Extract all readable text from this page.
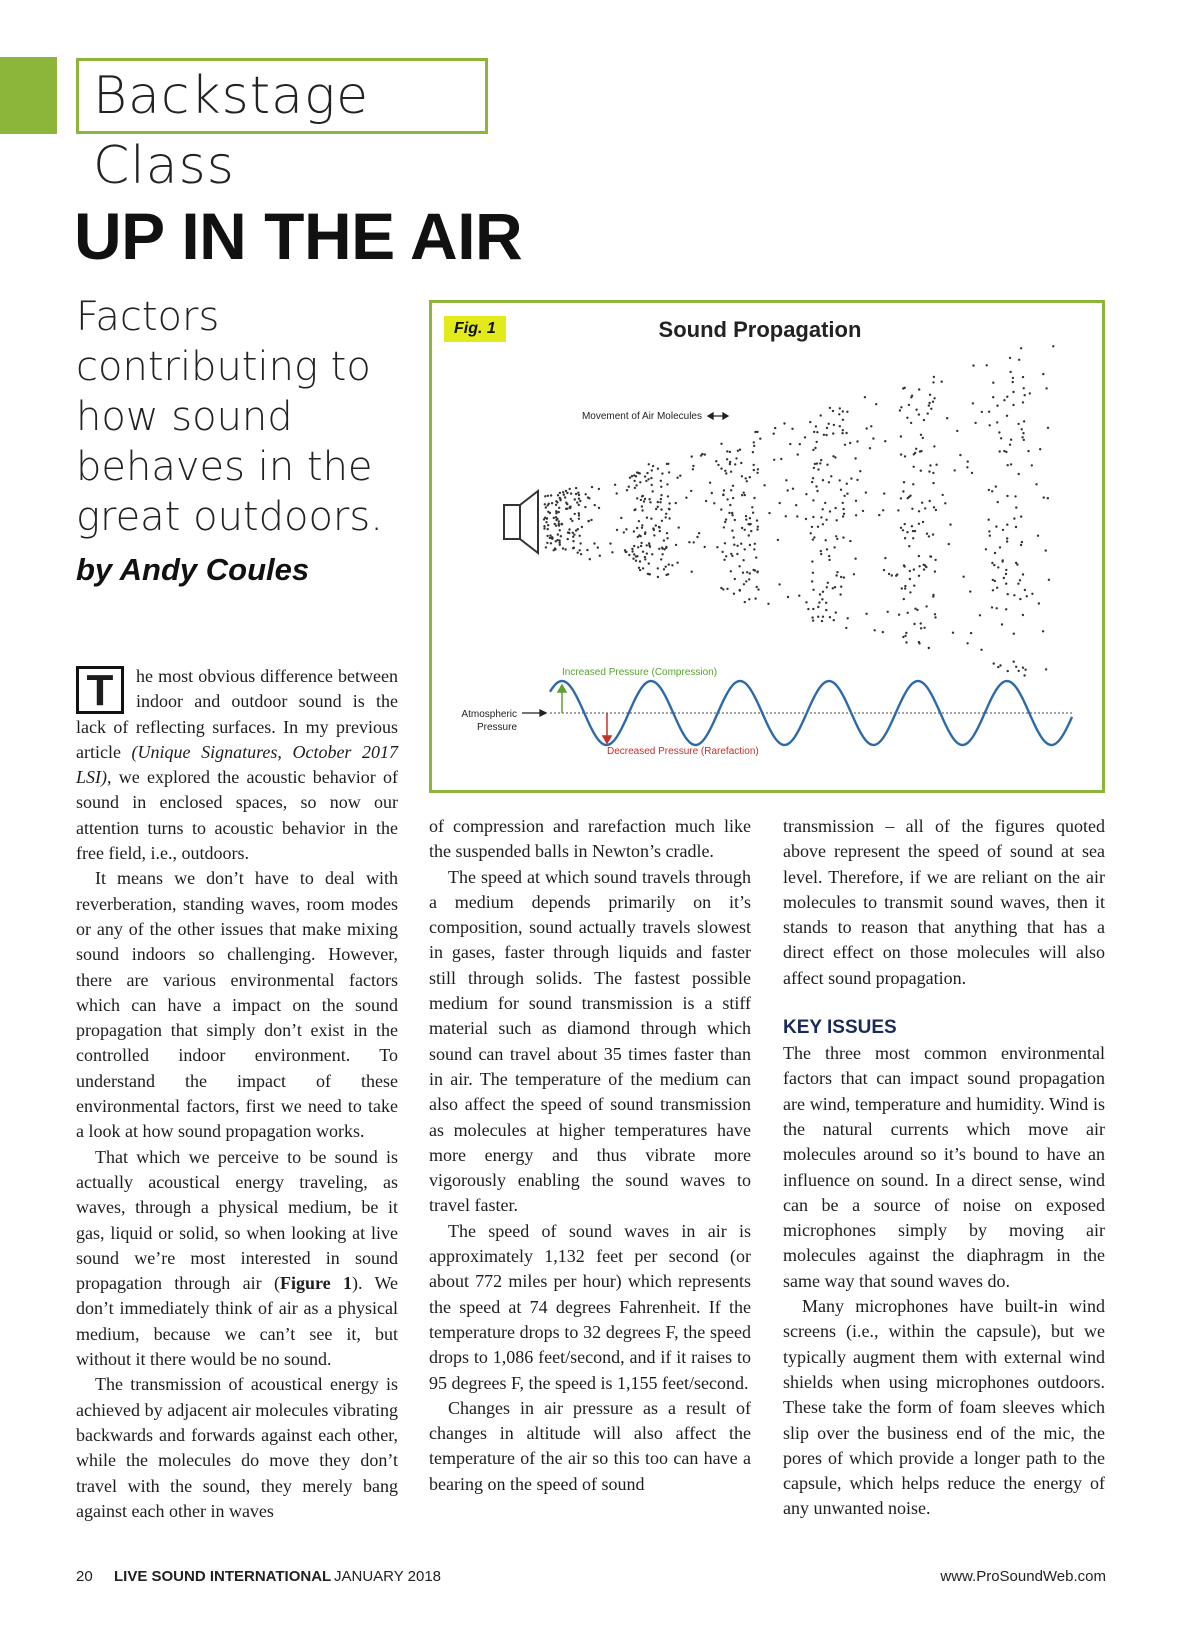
Backstage Class
UP IN THE AIR

Factors contributing to how sound behaves in the great outdoors.

by Andy Coules

Sound Propagation
Movement of Air Molecules
Atmospheric
Pressure
Increased Pressure (Compression)
Decreased Pressure (Rarefaction)
Fig. 1

T	he most obvious difference between indoor and outdoor sound is the lack of reflecting surfaces. In my previous article (Unique Signatures, October 2017 LSI), we explored the acoustic behavior of sound in enclosed spaces, so now our attention turns to acoustic behavior in the free field, i.e., outdoors.

It means we don’t have to deal with reverberation, standing waves, room modes or any of the other issues that make mixing sound indoors so challenging. However, there are various environmental factors which can have a impact on the sound propagation that simply don’t exist in the controlled indoor environment. To understand the impact of these environmental factors, first we need to take a look at how sound propagation works.

That which we perceive to be sound is actually acoustical energy traveling, as waves, through a physical medium, be it gas, liquid or solid, so when looking at live sound we’re most interested in sound propagation through air (Figure 1). We don’t immediately think of air as a physical medium, because we can’t see it, but without it there would be no sound.

The transmission of acoustical energy is achieved by adjacent air molecules vibrating backwards and forwards against each other, while the molecules do move they don’t travel with the sound, they merely bang against each other in waves

of compression and rarefaction much like the suspended balls in Newton’s cradle.

The speed at which sound travels through a medium depends primarily on it’s composition, sound actually travels slowest in gases, faster through liquids and faster still through solids. The fastest possible medium for sound transmission is a stiff material such as diamond through which sound can travel about 35 times faster than in air. The temperature of the medium can also affect the speed of sound transmission as molecules at higher temperatures have more energy and thus vibrate more vigorously enabling the sound waves to travel faster.

The speed of sound waves in air is approximately 1,132 feet per second (or about 772 miles per hour) which represents the speed at 74 degrees Fahrenheit. If the temperature drops to 32 degrees F, the speed drops to 1,086 feet/second, and if it raises to 95 degrees F, the speed is 1,155 feet/second.

Changes in air pressure as a result of changes in altitude will also affect the temperature of the air so this too can have a bearing on the speed of sound

transmission – all of the figures quoted above represent the speed of sound at sea level. Therefore, if we are reliant on the air molecules to transmit sound waves, then it stands to reason that anything that has a direct effect on those molecules will also affect sound propagation.

KEY ISSUES

The three most common environmental factors that can impact sound propagation are wind, temperature and humidity. Wind is the natural currents which move air molecules around so it’s bound to have an influence on sound. In a direct sense, wind can be a source of noise on exposed microphones simply by moving air molecules against the diaphragm in the same way that sound waves do.

Many microphones have built-in wind screens (i.e., within the capsule), but we typically augment them with external wind shields when using microphones outdoors. These take the form of foam sleeves which slip over the business end of the mic, the pores of which provide a longer path to the capsule, which helps reduce the energy of any unwanted noise.

20 LIVE SOUND INTERNATIONAL JANUARY 2018	www.ProSoundWeb.com
